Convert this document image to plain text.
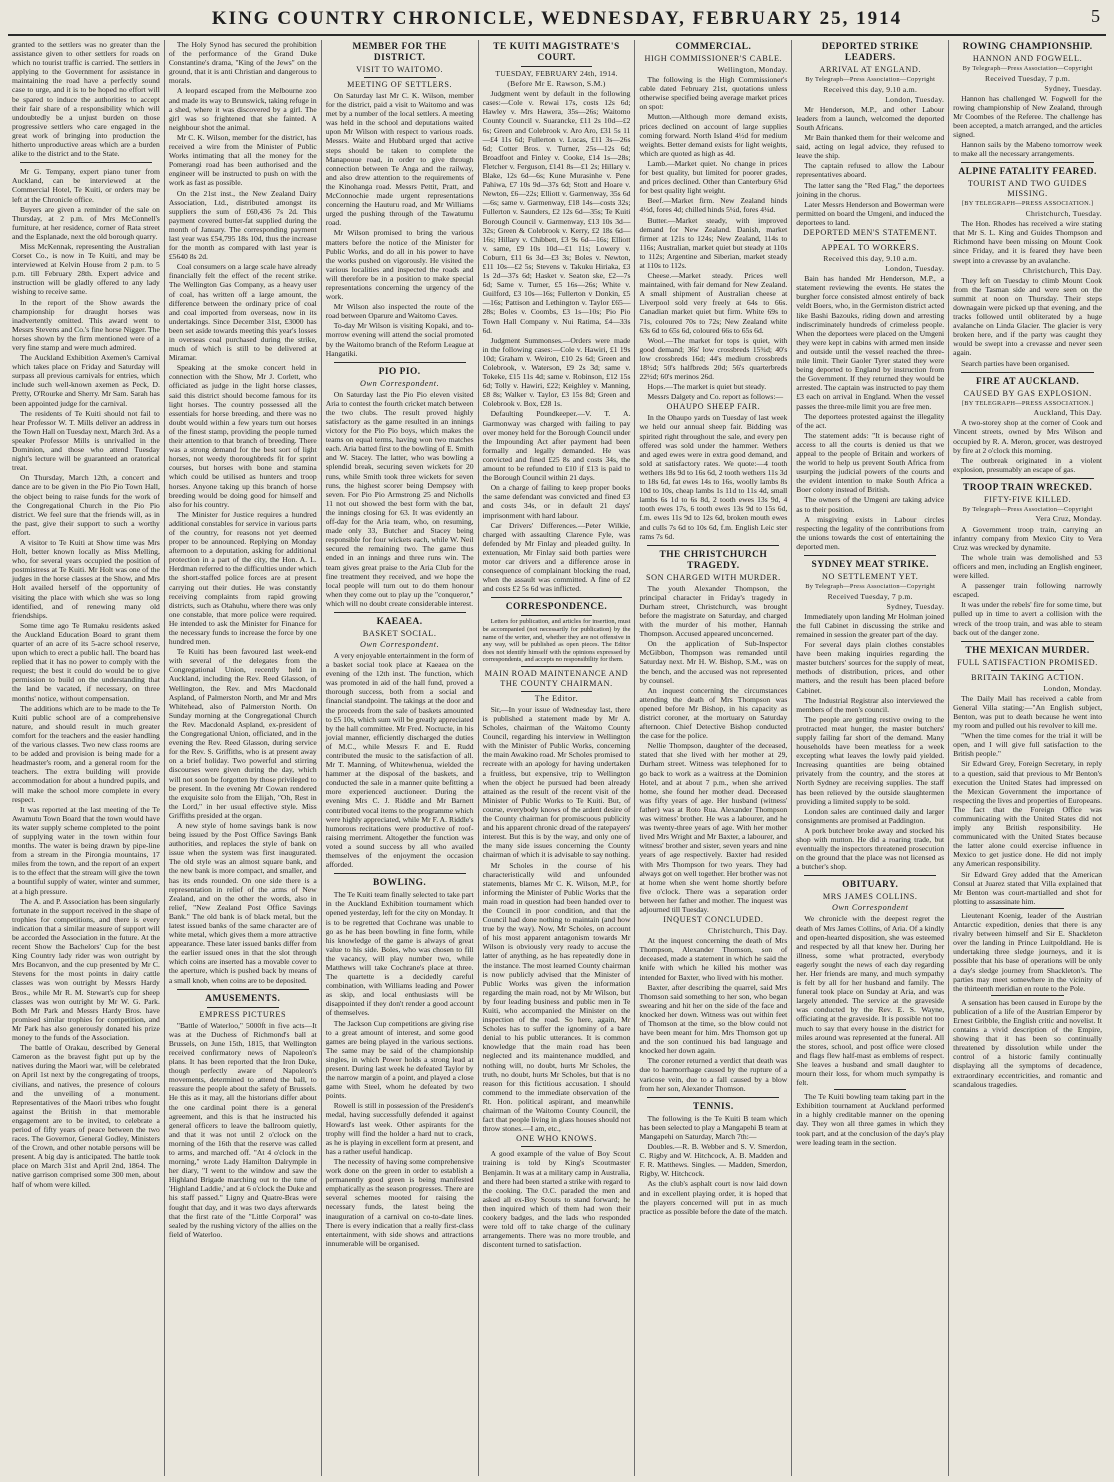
KING COUNTRY CHRONICLE, WEDNESDAY, FEBRUARY 25, 1914	5

granted to the settlers was no greater than the assistance given to other settlers for roads on which no tourist traffic is carried. The settlers in applying to the Government for assistance in maintaining the road have a perfectly sound case to urge, and it is to be hoped no effort will be spared to induce the authorities to accept their fair share of a responsibility which will undoubtedly be a unjust burden on those progressive settlers who care engaged in the great work of bringing into production the hitherto unproductive areas which are a burden alike to the district and to the State.

Mr G. Tempany, expert piano tuner from Auckland, can be interviewed at the Commercial Hotel, Te Kuiti, or orders may be left at the Chronicle office.

Buyers are given a reminder of the sale on Thursday, at 2 p.m. of Mrs McConnell's furniture, at her residence, corner of Rata street and the Esplanade, next the old borough quarry.

Miss McKennak, representing the Australian Corset Co., is now in Te Kuiti, and may be interviewed at Kelvin House from 2 p.m. to 5 p.m. till February 28th. Expert advice and instruction will be gladly offered to any lady wishing to receive same.

In the report of the Show awards the championship for draught horses was inadvertently omitted. This award went to Messrs Stevens and Co.'s fine horse Nigger. The horses shown by the firm mentioned were of a very fine stamp and were much admired.

The Auckland Exhibition Axemen's Carnival which takes place on Friday and Saturday will surpass all previous carnivals for entries, which include such well-known axemen as Peck, D. Pretty, O'Rourke and Sherry. Mr Sam. Sarah has been appointed judge for the carnival.

The residents of Te Kuiti should not fail to hear Professor W. T. Mills deliver an address in the Town Hall on Tuesday next, March 3rd. As a speaker Professor Mills is unrivalled in the Dominion, and those who attend Tuesday night's lecture will be guaranteed an oratorical treat.

On Thursday, March 12th, a concert and dance are to be given in the Pio Pio Town Hall, the object being to raise funds for the work of the Congregational Church in the Pio Pio district. We feel sure that the friends will, as in the past, give their support to such a worthy effort.

A visitor to Te Kuiti at Show time was Mrs Holt, better known locally as Miss Melling, who, for several years occupied the position of postmistress at Te Kuiti. Mr Holt was one of the judges in the horse classes at the Show, and Mrs Holt availed herself of the opportunity of visiting the place with which she was so long identified, and of renewing many old friendships.

Some time ago Te Rumaku residents asked the Auckland Education Board to grant them quarter of an acre of its 5-acre school reserve, upon which to erect a public hall. The board has replied that it has no power to comply with the request; the best it could do would be to give permission to build on the understanding that the land be vacated, if necessary, on three months' notice, without compensation.

The additions which are to be made to the Te Kuiti public school are of a comprehensive nature, and should result in much greater comfort for the teachers and the easier handling of the various classes. Two new class rooms are to be added and provision is being made for a headmaster's room, and a general room for the teachers. The extra building will provide accommodation for about a hundred pupils, and will make the school more complete in every respect.

It was reported at the last meeting of the Te Awamutu Town Board that the town would have its water supply scheme completed to the point of supplying water in the town within four months. The water is being drawn by pipe-line from a stream in the Pirongia mountains, 17 miles from the town, and the report of an expert is to the effect that the stream will give the town a bountiful supply of water, winter and summer, at a high pressure.

The A. and P. Association has been singularly fortunate in the support received in the shape of trophies for competitions, and there is every indication that a similar measure of support will be accorded the Association in the future. At the recent Show the Bachelors' Cup for the best King Country lady rider was won outright by Mrs Bocanvon, and the cup presented by Mr C. Stevens for the most points in dairy cattle classes was won outright by Messrs Hardy Bros., while Mr R. M. Stewart's cup for sheep classes was won outright by Mr W. G. Park. Both Mr Park and Messrs Hardy Bros. have promised similar trophies for competition, and Mr Park has also generously donated his prize money to the funds of the Association.

The battle of Orakau, described by General Cameron as the bravest fight put up by the natives during the Maori war, will be celebrated on April 1st next by the congregating of troops, civilians, and natives, the presence of colours and the unveiling of a monument. Representatives of the Maori tribes who fought against the British in that memorable engagement are to be invited, to celebrate a period of fifty years of peace between the two races. The Governor, General Godley, Ministers of the Crown, and other notable persons will be present. A big day is anticipated. The battle took place on March 31st and April 2nd, 1864. The native garrison comprised some 300 men, about half of whom were killed.

The Holy Synod has secured the prohibition of the performance of the Grand Duke Constantine's drama, "King of the Jews" on the ground, that it is anti Christian and dangerous to morals.

A leopard escaped from the Melbourne zoo and made its way to Brunswick, taking refuge in a shed, where it was discovered by a girl. The girl was so frightened that she fainted. A neighbour shot the animal.

Mr C. K. Wilson, member for the district, has received a wire from the Minister of Public Works intimating that all the money for the Pomerangi road has been authorised and the engineer will be instructed to push on with the work as fast as possible.

On the 21st inst., the New Zealand Dairy Association, Ltd., distributed amongst its suppliers the sum of £60,436 7s 2d. This payment covered butter-fat supplied during the month of January. The corresponding payment last year was £54,795 18s 10d, thus the increase for the month as compared with last year is £5640 8s 2d.

Coal consumers on a large scale have already financially felt the effect of the recent strike. The Wellington Gas Company, as a heavy user of coal, has written off a large amount, the difference between the ordinary price of coal and coal imported from overseas, now in its undertakings. Since December 31st, £3000 has been set aside towards meeting this year's losses in overseas coal purchased during the strike, much of which is still to be delivered at Miramar.

Speaking at the smoke concert held in connection with the Show, Mr J. Corlett, who officiated as judge in the light horse classes, said this district should become famous for its light horses. The country possessed all the essentials for horse breeding, and there was no doubt would within a few years turn out horses of the finest stamp, providing the people turned their attention to that branch of breeding. There was a strong demand for the best sort of light horses, not weedy thoroughbreds fit for sprint courses, but horses with bone and stamina which could be utilised as hunters and troop horses. Anyone taking up this branch of horse breeding would be doing good for himself and also for his country.

The Minister for Justice requires a hundred additional constables for service in various parts of the country, for reasons not yet deemed proper to be announced. Replying on Monday afternoon to a deputation, asking for additional protection in a part of the city, the Hon. A. L. Herdman referred to the difficulties under which the short-staffed police forces are at present carrying out their duties. He was constantly receiving complaints from rapid growing districts, such as Otahuhu, where there was only one constable, that more police were required. He intended to ask the Minister for Finance for the necessary funds to increase the force by one hundred men.

Te Kuiti has been favoured last week-end with several of the delegates from the Congregational Union, recently held in Auckland, including the Rev. Reed Glasson, of Wellington, the Rev. and Mrs Macdonald Aspland, of Palmerston North, and Mr and Mrs Whitehead, also of Palmerston North. On Sunday morning at the Congregational Church the Rev. Macdonald Aspland, ex-president of the Congregational Union, officiated, and in the evening the Rev. Reed Glasson, during service for the Rev. S. Griffiths, who is at present away on a brief holiday. Two powerful and stirring discourses were given during the day, which will not soon be forgotten by those privileged to be present. In the evening Mr Cowan rendered the exquisite solo from the Elijah, "Oh, Rest in the Lord," in her usual effective style. Miss Griffiths presided at the organ.

A new style of home savings bank is now being issued by the Post Office Savings Bank authorities, and replaces the style of bank on issue when the system was first inaugurated. The old style was an almost square bank, and the new bank is more compact, and smaller, and has its ends rounded. On one side there is a representation in relief of the arms of New Zealand, and on the other the words, also in relief, "New Zealand Post Office Savings Bank." The old bank is of black metal, but the latest issued banks of the same character are of white metal, which gives them a more attractive appearance. These later issued banks differ from the earlier issued ones in that the slot through which coins are inserted has a movable cover to the aperture, which is pushed back by means of a small knob, when coins are to be deposited.

AMUSEMENTS.
EMPRESS PICTURES

"Battle of Waterloo," 5000ft in five acts—It was at the Duchess of Richmond's ball at Brussels, on June 15th, 1815, that Wellington received confirmatory news of Napoleon's plans. It has been reported that the Iron Duke, though perfectly aware of Napoleon's movements, determined to attend the ball, to reassure the people about the safety of Brussels. He this as it may, all the historians differ about the one cardinal point there is a general agreement, and this is that he instructed his general officers to leave the ballroom quietly, and that it was not until 2 o'clock on the morning of the 16th that the reserve was called to arms, and marched off. "At 4 o'clock in the morning," wrote Lady Hamilton Dalrymple in her diary, "I went to the window and saw the Highland Brigade marching out to the tune of 'Highland Laddie,' and at 6 o'clock the Duke and his staff passed." Ligny and Quatre-Bras were fought that day, and it was two days afterwards that the first rate of the "Little Corporal" was sealed by the rushing victory of the allies on the field of Waterloo.

MEMBER FOR THE DISTRICT.
VISIT TO WAITOMO.
MEETING OF SETTLERS.

On Saturday last Mr C. K. Wilson, member for the district, paid a visit to Waitomo and was met by a number of the local settlers. A meeting was held in the school and deputations waited upon Mr Wilson with respect to various roads. Messrs. Waite and Hubbard urged that active steps should be taken to complete the Manapouue road, in order to give through connection between Te Anga and the railway, and also drew attention to the requirements of the Kinohanga road. Messrs Pettit, Pratt, and McConnochie made urgent representations concerning the Hauturu road, and Mr Williams urged the pushing through of the Tawatumu road.

Mr Wilson promised to bring the various matters before the notice of the Minister for Public Works, and do all in his power to have the works pushed on vigorously. He visited the various localities and inspected the roads and will therefore be in a position to make special representations concerning the urgency of the work.

Mr Wilson also inspected the route of the road between Oparure and Waitomo Caves.

To-day Mr Wilson is visiting Kopaki, and to-morrow evening will attend the social promoted by the Waitomo branch of the Reform League at Hangatiki.

PIO PIO.
Own Correspondent.

On Saturday last the Pio Pio eleven visited Aria to contest the fourth cricket match between the two clubs. The result proved highly satisfactory as the game resulted in an innings victory for the Pio Pio boys, which makes the teams on equal terms, having won two matches each. Aria batted first to the bowling of E. Smith and W. Stacey. The latter, who was bowling a splendid break, securing seven wickets for 20 runs, while Smith took three wickets for seven runs, the highest scorer being Dempsey with seven. For Pio Pio Armstrong 25 and Nicholls 11 not out showed the best form with the bat, the innings closing for 63. It was evidently an off-day for the Aria team, who, on resuming, made only 33, Butcher and Stacey being responsible for four wickets each, while W. Neil secured the remaining two. The game thus ended in an innings and three runs win. The team gives great praise to the Aria Club for the fine treatment they received, and we hope the local people will turn out to do them honour when they come out to play up the "conqueror," which will no doubt create considerable interest.

KAEAEA.
BASKET SOCIAL.
Own Correspondent.

A very enjoyable entertainment in the form of a basket social took place at Kaeaea on the evening of the 12th inst. The function, which was promoted in aid of the hall fund, proved a thorough success, both from a social and financial standpoint. The takings at the door and the proceeds from the sale of baskets amounted to £5 10s, which sum will be greatly appreciated by the hall committee. Mr Fred. Noctucte, in his jovial manner, efficiently discharged the duties of M.C., while Messrs F. and E. Rudd contributed the music to the satisfaction of all. Mr T. Manning, of Whitewhenua, wielded the hammer at the disposal of the baskets, and conducted the sale in a manner quite befitting a more experienced auctioneer. During the evening Mrs C. J. Riddle and Mr Barnett contributed vocal items to the programme which were highly appreciated, while Mr F. A. Riddle's humorous recitations were productive of roof-raising merriment. Altogether the function was voted a sound success by all who availed themselves of the enjoyment the occasion afforded.

BOWLING.

The Te Kuiti team finally selected to take part in the Auckland Exhibition tournament which opened yesterday, left for the city on Monday. It is to be regretted that Cochrane was unable to go as he has been bowling in fine form, while his knowledge of the game is always of great value to his side. Boles, who was chosen to fill the vacancy, will play number two, while Matthews will take Cochrane's place at three. The quartette is a decidedly careful combination, with Williams leading and Power as skip, and local enthusiasts will be disappointed if they don't render a good account of themselves.

The Jackson Cup competitions are giving rise to a great amount of interest, and some good games are being played in the various sections. The same may be said of the championship singles, in which Power holds a strong lead at present. During last week he defeated Taylor by the narrow margin of a point, and played a close game with Steel, whom he defeated by two points.

Rowell is still in possession of the President's medal, having successfully defended it against Howard's last week. Other aspirants for the trophy will find the holder a hard nut to crack, as he is playing in excellent form at present, and has a rather useful handicap.

The necessity of having some comprehensive work done on the green in order to establish a permanently good green is being manifested emphatically as the season progresses. There are several schemes mooted for raising the necessary funds, the latest being the inauguration of a carnival on co-to-date lines. There is every indication that a really first-class entertainment, with side shows and attractions innumerable will be organised.

TE KUITI MAGISTRATE'S COURT.
TUESDAY, FEBRUARY 24th, 1914.
(Before Mr E. Rawson, S.M.)

Judgment went by default in the following cases:—Cole v. Rewai 17s, costs 12s 6d; Hawley v. Mrs Hawera, 35s—26s; Waitomo County Council v. Suarancke, £11 2s 10d—£2 6s; Green and Colebrook v. Aro Aro, £31 5s 11—£4 11s 6d; Fullerton v. Lucas, £11 3s—26s 6d; Cotter Bros. v. Turner, 25s—12s 6d; Broadfoot and Finley v. Cooke, £14 1s—28s; Fletcher v. Ferguson, £141 8s—£1 2s; Hillary v. Blake, 12s 6d—6s; Kune Murasinhe v. Pene Pahiwa, £7 10s 9d—37s 6d; Stott and Hoare v. Newton, £6—22s; Elliott v. Garmenway, 35s 6d—6s; same v. Garmenway, £18 14s—costs 32s; Fullerton v. Saunders, £2 12s 6d—35s; Te Kuiti Borough Council v. Garmenway, £13 10s 3d—32s; Green & Colebrook v. Kerry, £2 18s 6d—16s; Hillary v. Chibbett, £3 9s 6d—16s; Elliott v. same, £9 10s 10d—£1 11s; Lowery v. Coburn, £11 6s 3d—£3 3s; Boles v. Newton, £11 10s—£2 5s; Stevens v. Takuku Hiriaka, £3 1s 2d—37s 6d; Hasket v. Seaton ske, £2—7s 6d; Same v. Turner, £5 16s—26s; White v. Guilford, £3 10s—16s; Fullerton v Donkin, £5—16s; Pattison and Lethington v. Taylor £65—28s; Boles v. Coombs, £3 1s—10s; Pio Pio Town Hall Company v. Nui Ratima, £4—33s 6d.

Judgment Summonses.—Orders were made in the following cases:—Cole v. Hawiri, £1 19s 10d; Graham v. Weiron, £10 2s 6d; Green and Colebrook, v. Waterson, £9 2s 3d; same v. Tokeke, £15 11s 4d; same v. Robinson, £12 15s 6d; Tolly v. Hawiri, £22; Keighley v. Manning, £8 8s; Walker v. Taylor, £3 15s 8d; Green and Colebrook v. Box, £28 1s.

Defaulting Poundkeeper.—V. T. A. Garmonway was charged with failing to pay over money held for the Borough Council under the Impounding Act after payment had been formally and legally demanded. He was convicted and fined £25 8s and costs 34s, the amount to be refunded to £10 if £13 is paid to the Borough Council within 21 days.

On a charge of failing to keep proper books the same defendant was convicted and fined £3 and costs 34s, or in default 21 days' imprisonment with hard labour.

Car Drivers' Differences.—Peter Wilkie, charged with assaulting Clarence Fyle, was defended by Mr Finlay and pleaded guilty. In extenuation, Mr Finlay said both parties were motor car drivers and a difference arose in consequence of complainant blocking the road, when the assault was committed. A fine of £2 and costs £2 5s 6d was inflicted.

CORRESPONDENCE.

Letters for publication, and articles for insertion, must be accompanied (not necessarily for publication) by the name of the writer, and, whether they are not offensive in any way, will be published as open pieces. The Editor does not identify himself with the opinions expressed by correspondents, and accepts no responsibility for them.

MAIN ROAD MAINTENANCE AND THE COUNTY CHAIRMAN.
The Editor.

Sir,—In your issue of Wednesday last, there is published a statement made by Mr A. Scholes, chairman of the Waitomo County Council, regarding his interview in Wellington with the Minister of Public Works, concerning the main Awakino road. Mr Scholes promised to recreate with an apology for having undertaken a fruitless, but expensive, trip to Wellington when the object he pursued had been already attained as the result of the recent visit of the Minister of Public Works to Te Kuiti. But, of course, everybody knows of the ardent desire of the County chairman for promiscuous publicity and his apparent chronic dread of the ratepayers' interest. But this is by the way, and only one of the many side issues concerning the County chairman of which it is advisable to say nothing.

Mr Scholes in the course of his characteristically wild and unfounded statements, blames Mr C. K. Wilson, M.P., for informing the Minister of Public Works that the main road in question had been handed over to the Council in poor condition, and that the Council had done nothing to maintain (and how true by the way). Now, Mr Scholes, on account of his most apparent antagonism towards Mr Wilson is obviously very ready to accuse the latter of anything, as he has repeatedly done in the instance. The most learned County chairman is now publicly advised that the Minister of Public Works was given the information regarding the main road, not by Mr Wilson, but by four leading business and public men in Te Kuiti, who accompanied the Minister on the inspection of the road. So here, again, Mr Scholes has to suffer the ignominy of a bare denial to his public utterances. It is common knowledge that the main road has been neglected and its maintenance muddled, and nothing will, no doubt, hurts Mr Scholes, the truth, no doubt, hurts Mr Scholes, but that is no reason for this fictitious accusation. I should commend to the immediate observation of the Rt. Hon. political aspirant, and meanwhile chairman of the Waitomo County Council, the fact that people living in glass houses should not throw stones.—I am, etc.,

ONE WHO KNOWS.

A good example of the value of Boy Scout training is told by King's Scoutmaster Benjamin. It was at a military camp in Australia, and there had been started a strike with regard to the cooking. The O.C. paraded the men and asked all ex-Boy Scouts to stand forward; he then inquired which of them had won their cookery badges, and the lads who responded were told off to take charge of the culinary arrangements. There was no more trouble, and discontent turned to satisfaction.

COMMERCIAL.
HIGH COMMISSIONER'S CABLE.
Wellington, Monday.

The following is the High Commissioner's cable dated February 21st, quotations unless otherwise specified being average market prices on spot:

Mutton.—Although more demand exists, prices declined on account of large supplies coming forward. North Island 4½d for medium weights. Better demand exists for light weights, which are quoted as high as 4d.

Lamb.—Market quiet. No change in prices for best quality, but limited for poorer grades, and prices declined. Other than Canterbury 6¾d for best quality light weight.

Beef.—Market firm. New Zealand hinds 4½d, fores 4d; chilled hinds 5¼d, fores 4¼d.

Butter.—Market steady, with improved demand for New Zealand. Danish, market firmer at 121s to 124s; New Zealand, 114s to 116s; Australian, market quiet but steady at 110s to 112s; Argentine and Siberian, market steady at 110s to 112s.

Cheese.—Market steady. Prices well maintained, with fair demand for New Zealand. A small shipment of Australian cheese at Liverpool sold very freely at 64s to 66s. Canadian market quiet but firm. White 69s to 71s, coloured 70s to 72s; New Zealand white 63s 6d to 65s 6d, coloured 66s to 65s 6d.

Wool.—The market for tops is quiet, with good demand; 36s' low crossbreds 15¾d; 40's low crossbreds 16d; 44's medium crossbreds 18½d; 50's halfbreds 20d; 56's quarterbreds 22½d; 60's merinos 26d.

Hops.—The market is quiet but steady.

Messrs Dalgety and Co. report as follows:—

OHAUPO SHEEP FAIR.

In the Ohaupo yards on Tuesday of last week we held our annual sheep fair. Bidding was spirited right throughout the sale, and every pen offered was sold under the hammer. Wethers and aged ewes were in extra good demand, and sold at satisfactory rates. We quote:—4 tooth wethers 18s 9d to 16s 6d, 2 tooth wethers 11s 3d to 18s 6d, fat ewes 14s to 16s, woolly lambs 8s 10d to 10s, cheap lambs 1s 11d to 11s 4d, small lambs 6s 1d to 6s 8d, 2 tooth ewes 13s 9d, 4 tooth ewes 17s, 6 tooth ewes 13s 9d to 15s 6d, f.m. ewes 11s 9d to 12s 6d, broken mouth ewes and culls 7s 6d to 10s 6d, f.m. English Leic ster rams 7s 6d.

THE CHRISTCHURCH TRAGEDY.
SON CHARGED WITH MURDER.

The youth Alexander Thompson, the principal character in Friday's tragedy in Durham street, Christchurch, was brought before the magistrate on Saturday, and charged with the murder of his mother, Hannah Thompson. Accused appeared unconcerned.

On the application of Sub-Inspector McGibbon, Thompson was remanded until Saturday next. Mr H. W. Bishop, S.M., was on the bench, and the accused was not represented by counsel.

An inquest concerning the circumstances attending the death of Mrs Thompson was opened before Mr Bishop, in his capacity as district coroner, at the mortuary on Saturday afternoon. Chief Detective Bishop conducted the case for the police.

Nellie Thompson, daughter of the deceased, stated that she lived with her mother at 29, Durham street. Witness was telephoned for to go back to work as a waitress at the Dominion Hotel, and at about 7 p.m., when she arrived home, she found her mother dead. Deceased was fifty years of age. Her husband (witness' father) was at Roto Rua. Alexander Thompson was witness' brother. He was a labourer, and he was twenty-three years of age. With her mother lived Mrs Wright and Mr Baxter, a labourer, and witness' brother and sister, seven years and nine years of age respectively. Baxter had resided with Mrs Thompson for two years. They had always got on well together. Her brother was not at home when she went home shortly before five o'clock. There was a separation order between her father and mother. The inquest was adjourned till Tuesday.

INQUEST CONCLUDED.
Christchurch, This Day.

At the inquest concerning the death of Mrs Thompson, Alexander Thomson, son of deceased, made a statement in which he said the knife with which he killed his mother was intended for Baxter, who lived with his mother.

Baxter, after describing the quarrel, said Mrs Thomson said something to her son, who began swearing and hit her on the side of the face and knocked her down. Witness was out within feet of Thomson at the time, so the blow could not have been meant for him. Mrs Thomson got up and the son continued his bad language and knocked her down again.

The coroner returned a verdict that death was due to haemorrhage caused by the rupture of a varicose vein, due to a fall caused by a blow from her son, Alexander Thomson.

TENNIS.

The following is the Te Kuiti B team which has been selected to play a Mangapehi B team at Mangapehi on Saturday, March 7th:—

Doubles.—R. B. Webber and S. V. Smerdon, C. Rigby and W. Hitchcock, A. B. Madden and F. R. Matthews. Singles. — Madden, Smerdon, Rigby, W. Hitchcock.

As the club's asphalt court is now laid down and in excellent playing order, it is hoped that the players concerned will put in as much practice as possible before the date of the match.

DEPORTED STRIKE LEADERS.
ARRIVAL AT ENGLAND.
By Telegraph—Press Association—Copyright
Received this day, 9.10 a.m.
London, Tuesday.

Mr Henderson, M.P., and other Labour leaders from a launch, welcomed the deported South Africans.

Mr Bain thanked them for their welcome and said, acting on legal advice, they refused to leave the ship.

The captain refused to allow the Labour representatives aboard.

The latter sang the "Red Flag," the deportees joining in the chorus.

Later Messrs Henderson and Bowerman were permitted on board the Umgeni, and induced the deportees to land.

DEPORTED MEN'S STATEMENT.
APPEAL TO WORKERS.
Received this day, 9.10 a.m.
London, Tuesday.

Bain has handed Mr Henderson, M.P., a statement reviewing the events. He states the burgher force consisted almost entirely of back veldt Boers, who, in the Germiston district acted like Bashi Bazouks, riding down and arresting indiscriminately hundreds of crimeless people. When the deportees were placed on the Umgeni they were kept in cabins with armed men inside and outside until the vessel reached the three-mile limit. Their Gaoler Tyrer stated they were being deported to England by instruction from the Government. If they returned they would be arrested. The captain was instructed to pay them £3 each on arrival in England. When the vessel passes the three-mile limit you are free men.

The deportees protested against the illegality of the act.

The statement adds: "It is because right of access to all the courts is denied us that we appeal to the people of Britain and workers of the world to help us prevent South Africa from usurping the judicial powers of the courts and the evident intention to make South Africa a Boer colony instead of British.

The owners of the Umgeni are taking advice as to their position.

A misgiving exists in Labour circles respecting the legality of the contributions from the unions towards the cost of entertaining the deported men.

SYDNEY MEAT STRIKE.
NO SETTLEMENT YET.
By Telegraph—Press Association—Copyright
Received Tuesday, 7 p.m.
Sydney, Tuesday.

Immediately upon landing Mr Holman joined the full Cabinet in discussing the strike and remained in session the greater part of the day.

For several days plain clothes constables have been making inquiries regarding the master butchers' sources for the supply of meat, methods of distribution, prices, and other matters, and the result has been placed before Cabinet.

The Industrial Registrar also interviewed the members of the men's council.

The people are getting restive owing to the protracted meat hunger, the master butchers' supply failing far short of the demand. Many households have been meatless for a week excepting what leaves the lowly paid yielded. Increasing quantities are being obtained privately from the country, and the stores at North Sydney are receiving supplies. The staff has been relieved by the outside slaughtermen providing a limited supply to be sold.

London sales are continued daily and larger consignments are promised at Paddington.

A pork butcheer broke away and stocked his shop with mutton. He did a roaring trade, but eventually the inspectors threatened prosecution on the ground that the place was not licensed as a butcher's shop.

OBITUARY.
MRS JAMES COLLINS.
Own Correspondent

We chronicle with the deepest regret the death of Mrs James Collins, of Aria. Of a kindly and open-hearted disposition, she was esteemed and respected by all that knew her. During her illness, some what protracted, everybody eagerly sought the news of each day regarding her. Her friends are many, and much sympathy is felt by all for her husband and family. The funeral took place on Sunday at Aria, and was largely attended. The service at the graveside was conducted by the Rev. E. S. Wayne, officiating at the graveside. It is possible not too much to say that every house in the district for miles around was represented at the funeral. All the stores, school, and post office were closed and flags flew half-mast as emblems of respect. She leaves a husband and small daughter to mourn their loss, for whom much sympathy is felt.

The Te Kuiti bowling team taking part in the Exhibition tournament at Auckland performed in a highly creditable manner on the opening day. They won all three games in which they took part, and at the conclusion of the day's play were leading team in the section.

ROWING CHAMPIONSHIP.
HANNON AND FOGWELL.
By Telegraph—Press Association—Copyright
Received Tuesday, 7 p.m.
Sydney, Tuesday.

Hannon has challenged W. Fogwell for the rowing championship of New Zealand, through Mr Coombes of the Referee. The challenge has been accepted, a match arranged, and the articles signed.

Hannon sails by the Mabeno tomorrow week to make all the necessary arrangements.

ALPINE FATALITY FEARED.
TOURIST AND TWO GUIDES MISSING.
[BY TELEGRAPH—PRESS ASSOCIATION.]
Christchurch, Tuesday.

The Hon. Rhodes has received a wire stating that Mr S. L. King and Guides Thompson and Richmond have been missing on Mount Cook since Friday, and it is feared they have been swept into a crevasse by an avalanche.

Christchurch, This Day.

They left on Tuesday to climb Mount Cook from the Tasman side and were seen on the summit at noon on Thursday. Their steps downagain were picked up that evening, and the tracks followed until obliterated by a huge avalanche on Linda Glacier. The glacier is very broken here, and if the party was caught they would be swept into a crevasse and never seen again.

Search parties have been organised.

FIRE AT AUCKLAND.
CAUSED BY GAS EXPLOSION.
[BY TELEGRAPH—PRESS ASSOCIATION.]
Auckland, This Day.

A two-storey shop at the corner of Cook and Vincent streets, owned by Mrs Wilson and occupied by R. A. Meron, grocer, was destroyed by fire at 2 o'clock this morning.

The outbreak originated in a violent explosion, presumably an escape of gas.

TROOP TRAIN WRECKED.
FIFTY-FIVE KILLED.
By Telegraph—Press Association—Copyright
Vera Cruz, Monday.

A Government troop train, carrying an infantry company from Mexico City to Vera Cruz was wrecked by dynamite.

The whole train was demolished and 53 officers and men, including an English engineer, were killed.

A passenger train following narrowly escaped.

It was under the rebels' fire for some time, but pulled up in time to avert a collision with the wreck of the troop train, and was able to steam back out of the danger zone.

THE MEXICAN MURDER.
FULL SATISFACTION PROMISED.
BRITAIN TAKING ACTION.
London, Monday.

The Daily Mail has received a cable from General Villa stating:—"An English subject, Benton, was put to death because he went into my room and pulled out his revolver to kill me.

"When the time comes for the trial it will be open, and I will give full satisfaction to the British people."

Sir Edward Grey, Foreign Secretary, in reply to a question, said that previous to Mr Benton's execution the United States had impressed on the Mexican Government the importance of respecting the lives and properties of Europeans. The fact that the Foreign Office was communicating with the United States did not imply any British responsibility. He communicated with the United States because the latter alone could exercise influence in Mexico to get justice done. He did not imply any American responsibility.

Sir Edward Grey added that the American Consul at Juarez stated that Villa explained that Mr Benton was court-martialled and shot for plotting to assassinate him.

Lieutenant Koenig, leader of the Austrian Antarctic expedition, denies that there is any rivalry between himself and Sir E. Shackleton over the landing in Prince Luitpoldland. He is undertaking three sledge journeys, and it is possible that his base of operations will be only a day's sledge journey from Shackleton's. The parties may meet somewhere in the vicinity of the thirteenth meridian en route to the Pole.

A sensation has been caused in Europe by the publication of a life of the Austrian Emperor by Ernest Gribble, the English critic and novelist. It contains a vivid description of the Empire, showing that it has been so continually threatened by dissolution while under the control of a historic family continually displaying all the symptoms of decadence, extraordinary eccentricities, and romantic and scandalous tragedies.
